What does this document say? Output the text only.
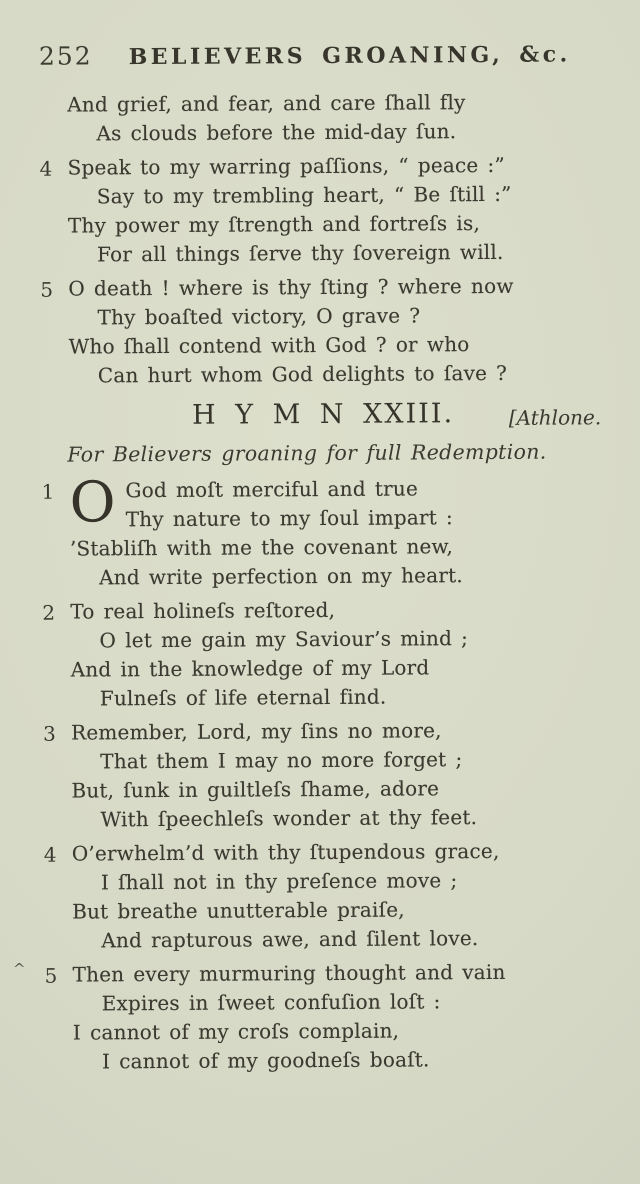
^
252 BELIEVERS GROANING, &c.
And grief, and fear, and care ſhall fly
As clouds before the mid-day ſun.
4 Speak to my warring paſſions, “ peace :”
Say to my trembling heart, “ Be ſtill :”
Thy power my ſtrength and fortreſs is,
For all things ſerve thy ſovereign will.
5 O death ! where is thy ſting ? where now
Thy boaſted victory, O grave ?
Who ſhall contend with God ? or who
Can hurt whom God delights to ſave ?
H Y M N XXIII.	[Athlone.
For Believers groaning for full Redemption.
1 O God moſt merciful and true
Thy nature to my ſoul impart :
’Stabliſh with me the covenant new,
And write perfection on my heart.
2 To real holineſs reſtored,
O let me gain my Saviour’s mind ;
And in the knowledge of my Lord
Fulneſs of life eternal find.
3 Remember, Lord, my ſins no more,
That them I may no more forget ;
But, ſunk in guiltleſs ſhame, adore
With ſpeechleſs wonder at thy feet.
4 O’erwhelm’d with thy ſtupendous grace,
I ſhall not in thy preſence move ;
But breathe unutterable praiſe,
And rapturous awe, and ſilent love.
5 Then every murmuring thought and vain
Expires in ſweet confuſion loſt :
I cannot of my croſs complain,
I cannot of my goodneſs boaſt.
